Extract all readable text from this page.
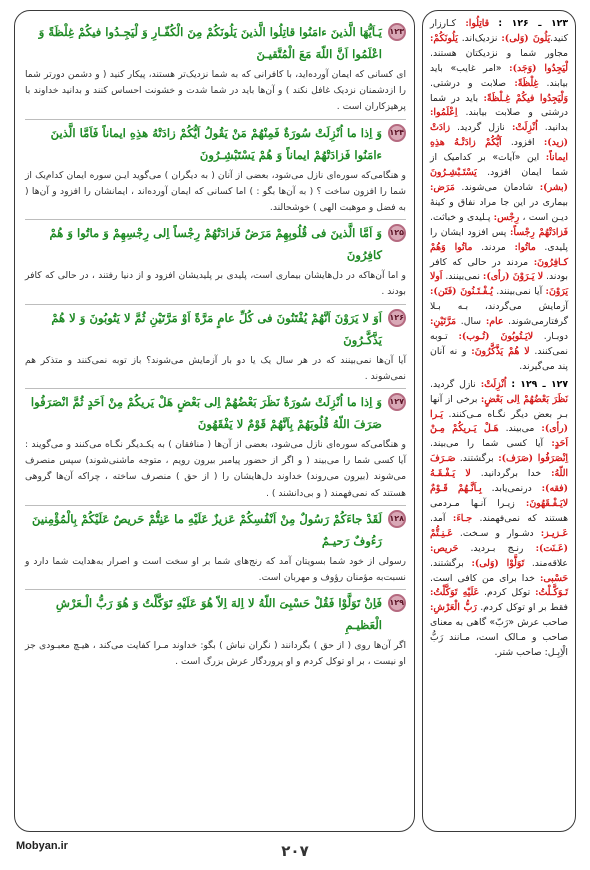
۱۲۳
یَـاَیُّهَا الَّذینَ ءامَنُوا قاتِلُوا الَّذینَ یَلُونَکُمْ مِنَ الْکُفّـارِ وَ لْیَجِـدُوا فیکُمْ غِلْظَةً وَ اعْلَمُوا اَنَّ اللّهَ مَعَ الْمُتَّقیـنَ
ای کسانی که ایمان آورده‌اید، با کافرانی که به شما نزدیک‌تر هستند، پیکار کنید ( و دشمن دورتر شما را ازدشمنان نزدیک غافل نکند ) و آن‌ها باید در شما شدت و خشونت احساس کنند و بدانید خداوند با پرهیزکاران است .
۱۲۴
وَ اِذا ما اُنْزِلَتْ سُورَةٌ فَمِنْهُمْ مَنْ یَقُولُ اَیُّکُمْ زادَتْهُ هذِهِ ایماناً فَاَمَّا الَّذینَ ءامَنُوا فَزادَتْهُمْ ایماناً وَ هُمْ یَسْتَبْشِـرُونَ
و هنگامی‌که سوره‌ای نازل می‌شود، بعضی از آنان ( به دیگران ) می‌گوید ایـن سوره ایمان کدام‌یک از شما را افزون ساخت ؟ ( به آن‌ها بگو : ) اما کسانی که ایمان آورده‌اند ، ایمانشان را افزود و آن‌ها ( به فضل و موهبت الهی ) خوشحالند.
۱۲۵
وَ اَمَّا الَّذینَ فی قُلُوبِهِمْ مَرَضٌ فَزادَتْهُمْ رِجْساً اِلی رِجْسِهِمْ وَ ماتُوا وَ هُمْ کافِرُونَ
و اما آن‌هاکه در دل‌هایشان بیماری است، پلیدی بر پلیدیشان افزود و از دنیا رفتند ، در حالی که کافر بودند .
۱۲۶
اَوَ لا یَرَوْنَ اَنَّهُمْ یُفْتَنُونَ فی کُلِّ عامٍ مَرَّةً اَوْ مَرَّتَیْنِ ثُمَّ لا یَتُوبُونَ وَ لا هُمْ یَذَّکَّـرُونَ
آیا آن‌ها نمی‌بینند که در هر سال یک یا دو بار آزمایش می‌شوند؟ باز توبه نمی‌کنند و متذکر هم نمی‌شوند .
۱۲۷
وَ اِذا ما اُنْزِلَتْ سُورَةٌ نَظَرَ بَعْضُهُمْ اِلی بَعْضٍ هَلْ یَریکُمْ مِنْ اَحَدٍ ثُمَّ انْصَرَفُوا صَرَفَ اللّهُ قُلُوبَهُمْ بِاَنَّهُمْ قَوْمٌ لا یَفْقَهُونَ
و هنگامی‌که سوره‌ای نازل می‌شود، بعضی از آن‌ها ( منافقان ) به یکـدیگر نگـاه می‌کنند و می‌گویند : آیا کسی شما را می‌بیند ( و اگر از حضور پیامبر بیرون رویم ، متوجه ماشنی‌شوند) سپس منصرف می‌شوند (بیرون می‌روند) خداوند دل‌هایشان را ( از حق ) منصرف ساخته ، چراکه آن‌ها گروهی هستند که نمی‌فهمند ( و بی‌دانشند ) .
۱۲۸
لَقَدْ جاءَکُمْ رَسُولٌ مِنْ اَنْفُسِکُمْ عَزیزٌ عَلَیْهِ ما عَنِتُّمْ حَریصٌ عَلَیْکُمْ بِالْمُؤْمِنینَ رَءُوفٌ رَحیـمٌ
رسولی از خود شما بسویتان آمد که رنج‌های شما بر او سخت است و اصرار به‌هدایت شما دارد و نسبت‌به مؤمنان رؤوف و مهربان است.
۱۲۹
فَاِنْ تَوَلَّوْا فَقُلْ حَسْبِیَ اللّهُ لا اِلهَ اِلاّ هُوَ عَلَیْهِ تَوَکَّلْتُ وَ هُوَ رَبُّ الْـعَرْشِ الْعَظیـمِ
اگر آن‌ها روی ( از حق ) بگردانند ( نگران نباش ) بگو: خداوند مـرا کفایت می‌کند ، هیـچ معبـودی جز او نیست ، بر او توکل کردم و او پروردگار عرش بزرگ است .
۱۲۳ ـ ۱۲۶ : قاتِلُوا: کـارزار کنید.یَلُونَ (وَلی): نزدیک‌اند. یَلُونَکُمْ: مجاور شما و نزدیکتان هستند. لْیَجِدُوا (وَجَد): «امر غایب» باید بیابند. غِلْظَةً: صلابت و درشتی. وَلْیَجِدُوا فیکُمْ غِـلْظَةً: باید در شما درشتی و صلابت بیابند. اِعْلَمُوا: بدانید. اُنْزِلَتْ: نازل گردید. زادَتْ (زید): افزود. اَیُّکُمْ زادَتْـهُ هذِهِ ایماناً: این «آیات» بر کدامیک از شما ایمان افزود. یَسْتَـبْشِـرُونَ (بشر): شادمان می‌شوند. مَرَض: بیماری در این جا مراد نفاق و کینهٔ دیـن است ، رِجْس: پـلیدی و خباثت. فَزادَتْهُمْ رِجْساً: پس افزود ایشان را پلیدی. ماتُوا: مردند. ماتُوا وَهُمْ کـافِرُونَ: مردند در حالی که کافر بودند. لا یَـرَوْنَ (رأی): نمی‌بینند. اَولا یَرَوْنَ: آیا نمی‌بینند. یُـفْـتَـنُونَ (فَتَن): آزمایش می‌گردند، بـه بـلا گرفتارمی‌شوند. عام: سال. مَرَّتَیْنِ: دوبـار. لایَـتُوبُونَ (تُـوب): تـوبه نمی‌کنند. لا هُمْ یَذَّکَّرُونَ: و نه آنان پند می‌گیرند.
۱۲۷ ـ ۱۲۹ : اُنْزِلَتْ: نازل گردید. نَظَرَ بَعْضُهُمْ اِلی بَعْضٍ: برخی از آنها بـر بعض دیگر نگـاه مـی‌کنند. یَـرا (رأی): می‌بیند. هَـلْ یَـریکُمْ مِـنْ اَحَدٍ: آیا کسی شما را می‌بیند. اِنْصَرَفُوا (صَرَف): برگشتند. صَـرَفَ اللّهُ: خدا برگردانید. لا یَـفْـقَـهُ (فقه): درنمی‌یابد. بِـاَنَّـهُمْ قَـوْمٌ لایَـفْـقَهُونَ: زیـرا آنـها مـردمی هستند که نمی‌فهمند. جـاءَ: آمد. عَـزیـز: دشـوار و سـخت. عَـنِـتُّمْ (عَـنَت): رنـج بـردید. حَریص: علاقه‌مند. تَوَلَّوْا (وَلی): برگشتند. حَسْبی: خدا برای من کافی است. تَـوَکَّـلْتُ: توکل کردم. عَلَیْهِ تَوَکَّلْتُ: فقط بر او توکل کردم. رَبُّ الْعَرْشِ: صاحب عرش «رَبّ» گاهی به معنای صاحب و مـالک است، مـانند رَبُّ الْاِبِـل: صاحب شتر.
۲۰۷
Mobyan.ir
